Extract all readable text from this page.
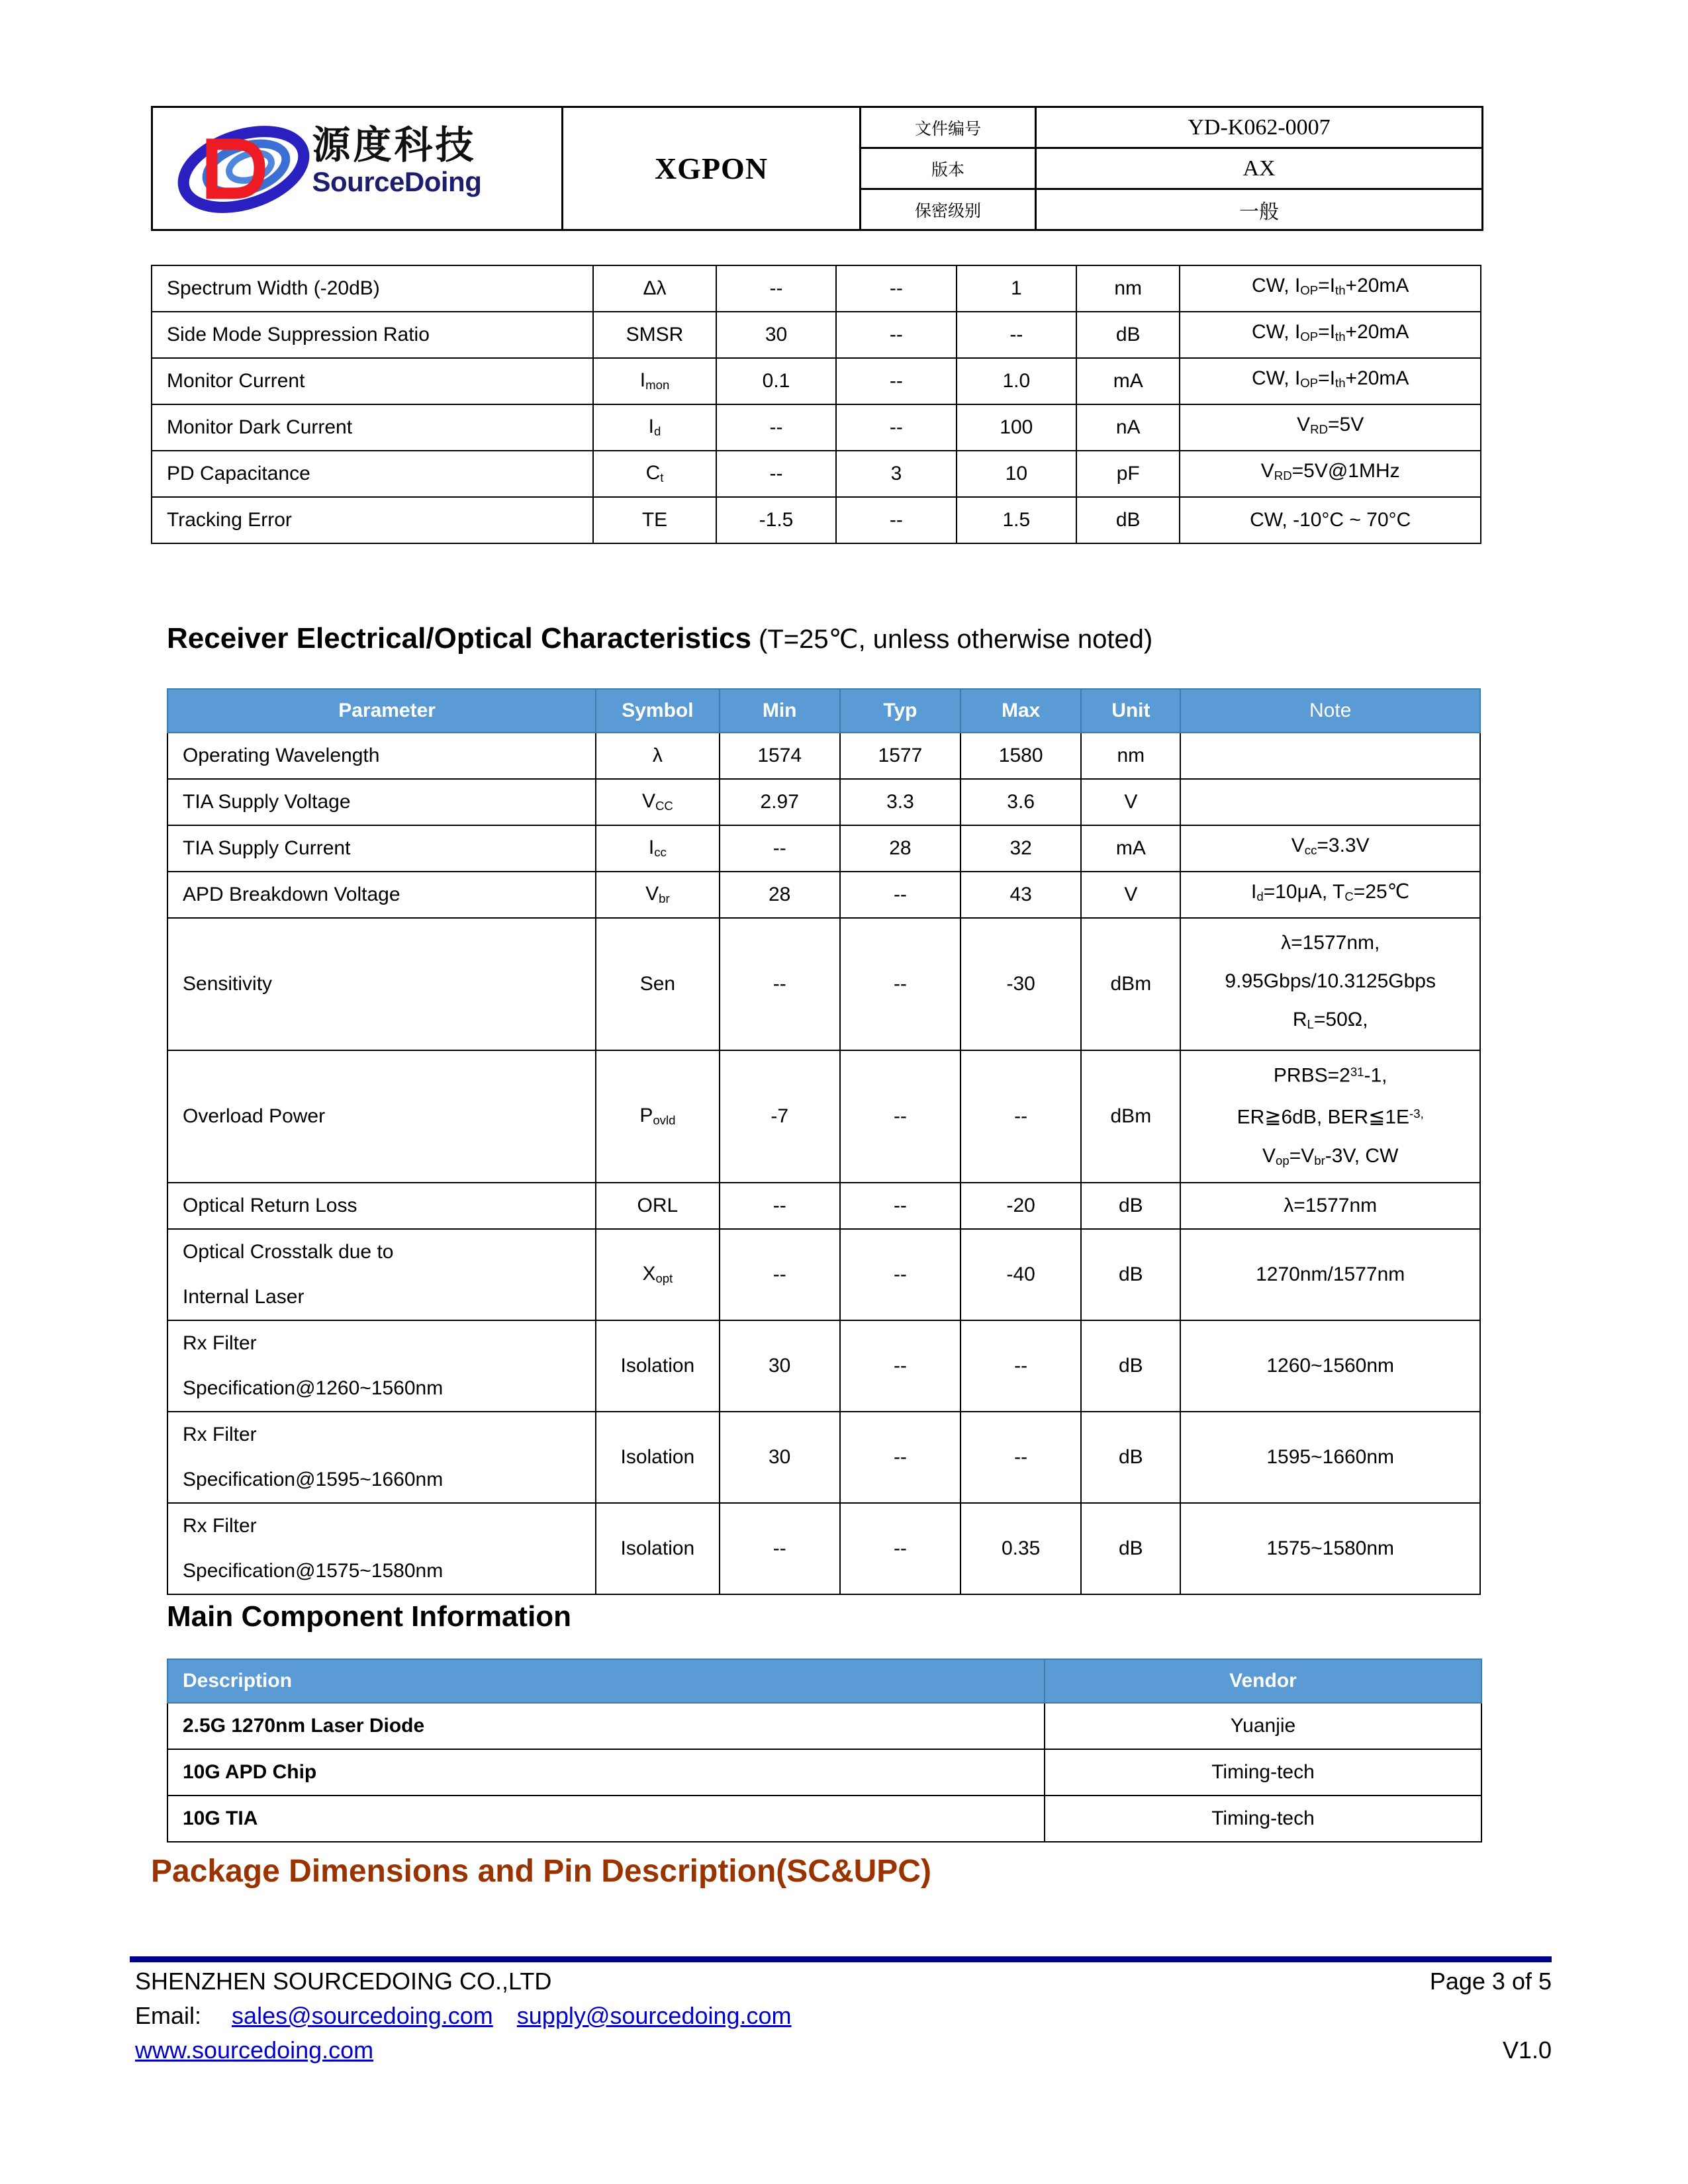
源度科技
SourceDoing	XGPON	文件编号	YD-K062-0007
		版本	AX
		保密级别	一般
Spectrum Width (-20dB)	Δλ	--	--	1	nm	CW, $I_{OP}=I_{th}+20mA$
Side Mode Suppression Ratio	SMSR	30	--	--	dB	CW, $I_{OP}=I_{th}+20mA$
Monitor Current	$I_{mon}$	0.1	--	1.0	mA	CW, $I_{OP}=I_{th}+20mA$
Monitor Dark Current	$I_d$	--	--	100	nA	$V_{RD}=5V$
PD Capacitance	$C_t$	--	3	10	pF	$V_{RD}=5V@1MHz$
Tracking Error	TE	-1.5	--	1.5	dB	CW, -10°C ~ 70°C
Receiver Electrical/Optical Characteristics (T=25℃, unless otherwise noted)
Parameter	Symbol	Min	Typ	Max	Unit	Note
Operating Wavelength	λ	1574	1577	1580	nm	
TIA Supply Voltage	$V_{CC}$	2.97	3.3	3.6	V	
TIA Supply Current	$I_{cc}$	--	28	32	mA	$V_{cc}=3.3V$
APD Breakdown Voltage	$V_{br}$	28	--	43	V	$I_d=10\mu A$, $T_C=25℃$
Sensitivity	Sen	--	--	-30	dBm	λ=1577nm,
9.95Gbps/10.3125Gbps
$R_L=50\Omega$,
Overload Power	$P_{ovld}$	-7	--	--	dBm	$PRBS=2^{31}-1$,
ER≧6dB, $BER≦1E^{-3,}$
$V_{op}=V_{br}-3V$, CW
Optical Return Loss	ORL	--	--	-20	dB	λ=1577nm
Optical Crosstalk due to
Internal Laser	$X_{opt}$	--	--	-40	dB	1270nm/1577nm
Rx Filter
Specification@1260~1560nm	Isolation	30	--	--	dB	1260~1560nm
Rx Filter
Specification@1595~1660nm	Isolation	30	--	--	dB	1595~1660nm
Rx Filter
Specification@1575~1580nm	Isolation	--	--	0.35	dB	1575~1580nm
Main Component Information
Description	Vendor
2.5G 1270nm Laser Diode	Yuanjie
10G APD Chip	Timing-tech
10G TIA	Timing-tech
Package Dimensions and Pin Description(SC&UPC)
SHENZHEN SOURCEDOING CO.,LTD	Page 3 of 5
Email: sales@sourcedoing.com supply@sourcedoing.com
www.sourcedoing.com	V1.0
